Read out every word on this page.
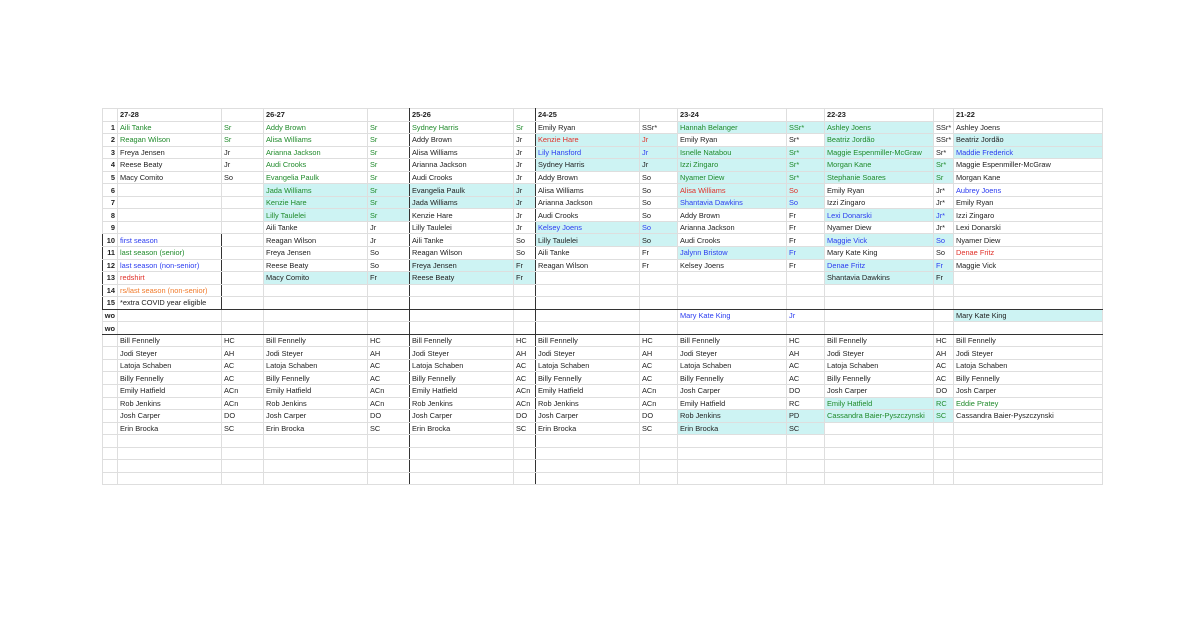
	27-28		26-27		25-26		24-25		23-24		22-23		21-22
1	Aili Tanke	Sr	Addy Brown	Sr	Sydney Harris	Sr	Emily Ryan	SSr*	Hannah Belanger	SSr*	Ashley Joens	SSr*	Ashley Joens
2	Reagan Wilson	Sr	Alisa Williams	Sr	Addy Brown	Jr	Kenzie Hare	Jr	Emily Ryan	Sr*	Beatriz Jordão	SSr*	Beatriz Jordão
3	Freya Jensen	Jr	Arianna Jackson	Sr	Alisa Williams	Jr	Lily Hansford	Jr	Isnelle Natabou	Sr*	Maggie Espenmiller-McGraw	Sr*	Maddie Frederick
4	Reese Beaty	Jr	Audi Crooks	Sr	Arianna Jackson	Jr	Sydney Harris	Jr	Izzi Zingaro	Sr*	Morgan Kane	Sr*	Maggie Espenmiller-McGraw
5	Macy Comito	So	Evangelia Paulk	Sr	Audi Crooks	Jr	Addy Brown	So	Nyamer Diew	Sr*	Stephanie Soares	Sr	Morgan Kane
6			Jada Williams	Sr	Evangelia Paulk	Jr	Alisa Williams	So	Alisa Williams	So	Emily Ryan	Jr*	Aubrey Joens
7			Kenzie Hare	Sr	Jada Williams	Jr	Arianna Jackson	So	Shantavia Dawkins	So	Izzi Zingaro	Jr*	Emily Ryan
8			Lilly Taulelei	Sr	Kenzie Hare	Jr	Audi Crooks	So	Addy Brown	Fr	Lexi Donarski	Jr*	Izzi Zingaro
9			Aili Tanke	Jr	Lilly Taulelei	Jr	Kelsey Joens	So	Arianna Jackson	Fr	Nyamer Diew	Jr*	Lexi Donarski
10	first season		Reagan Wilson	Jr	Aili Tanke	So	Lilly Taulelei	So	Audi Crooks	Fr	Maggie Vick	So	Nyamer Diew
11	last season (senior)		Freya Jensen	So	Reagan Wilson	So	Aili Tanke	Fr	Jalynn Bristow	Fr	Mary Kate King	So	Denae Fritz
12	last season (non-senior)		Reese Beaty	So	Freya Jensen	Fr	Reagan Wilson	Fr	Kelsey Joens	Fr	Denae Fritz	Fr	Maggie Vick
13	redshirt		Macy Comito	Fr	Reese Beaty	Fr					Shantavia Dawkins	Fr	
14	rs/last season (non-senior)												
15	*extra COVID year eligible												
wo									Mary Kate King	Jr			Mary Kate King
wo													
	Bill Fennelly	HC	Bill Fennelly	HC	Bill Fennelly	HC	Bill Fennelly	HC	Bill Fennelly	HC	Bill Fennelly	HC	Bill Fennelly
	Jodi Steyer	AH	Jodi Steyer	AH	Jodi Steyer	AH	Jodi Steyer	AH	Jodi Steyer	AH	Jodi Steyer	AH	Jodi Steyer
	Latoja Schaben	AC	Latoja Schaben	AC	Latoja Schaben	AC	Latoja Schaben	AC	Latoja Schaben	AC	Latoja Schaben	AC	Latoja Schaben
	Billy Fennelly	AC	Billy Fennelly	AC	Billy Fennelly	AC	Billy Fennelly	AC	Billy Fennelly	AC	Billy Fennelly	AC	Billy Fennelly
	Emily Hatfield	ACn	Emily Hatfield	ACn	Emily Hatfield	ACn	Emily Hatfield	ACn	Josh Carper	DO	Josh Carper	DO	Josh Carper
	Rob Jenkins	ACn	Rob Jenkins	ACn	Rob Jenkins	ACn	Rob Jenkins	ACn	Emily Hatfield	RC	Emily Hatfield	RC	Eddie Pratey
	Josh Carper	DO	Josh Carper	DO	Josh Carper	DO	Josh Carper	DO	Rob Jenkins	PD	Cassandra Baier-Pyszczynski	SC	Cassandra Baier-Pyszczynski
	Erin Brocka	SC	Erin Brocka	SC	Erin Brocka	SC	Erin Brocka	SC	Erin Brocka	SC			
